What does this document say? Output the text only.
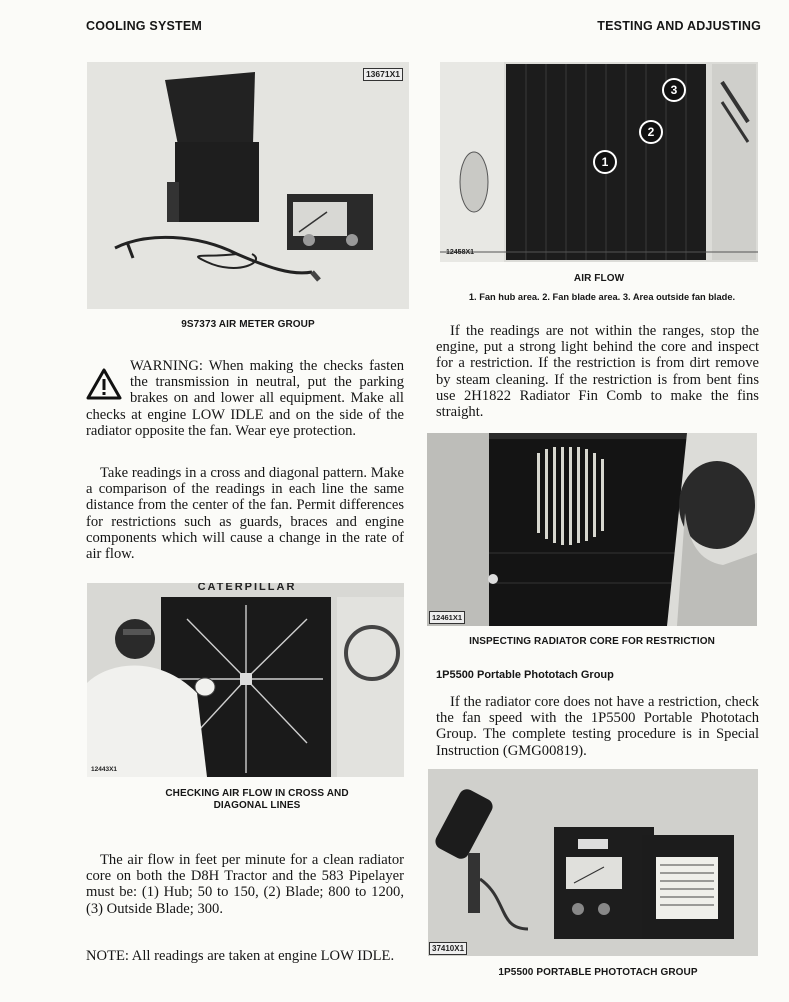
COOLING SYSTEM	TESTING AND ADJUSTING
13671X1
9S7373 AIR METER GROUP
1
2
3
12458X1
AIR FLOW
1. Fan hub area. 2. Fan blade area. 3. Area outside fan blade.

WARNING: When making the checks fasten the transmission in neutral, put the parking brakes on and lower all equipment. Make all checks at engine LOW IDLE and on the side of the radiator opposite the fan. Wear eye protection.

Take readings in a cross and diagonal pattern. Make a comparison of the readings in each line the same distance from the center of the fan. Permit differences for restrictions such as guards, braces and engine components which will cause a change in the rate of air flow.

CATERPILLAR
12443X1
CHECKING AIR FLOW IN CROSS AND
DIAGONAL LINES

The air flow in feet per minute for a clean radiator core on both the D8H Tractor and the 583 Pipelayer must be: (1) Hub; 50 to 150, (2) Blade; 800 to 1200, (3) Outside Blade; 300.

NOTE: All readings are taken at engine LOW IDLE.

If the readings are not within the ranges, stop the engine, put a strong light behind the core and inspect for a restriction. If the restriction is from dirt remove by steam cleaning. If the restriction is from bent fins use 2H1822 Radiator Fin Comb to make the fins straight.

12461X1
INSPECTING RADIATOR CORE FOR RESTRICTION
1P5500 Portable Phototach Group

If the radiator core does not have a restriction, check the fan speed with the 1P5500 Portable Phototach Group. The complete testing procedure is in Special Instruction (GMG00819).

37410X1
1P5500 PORTABLE PHOTOTACH GROUP
